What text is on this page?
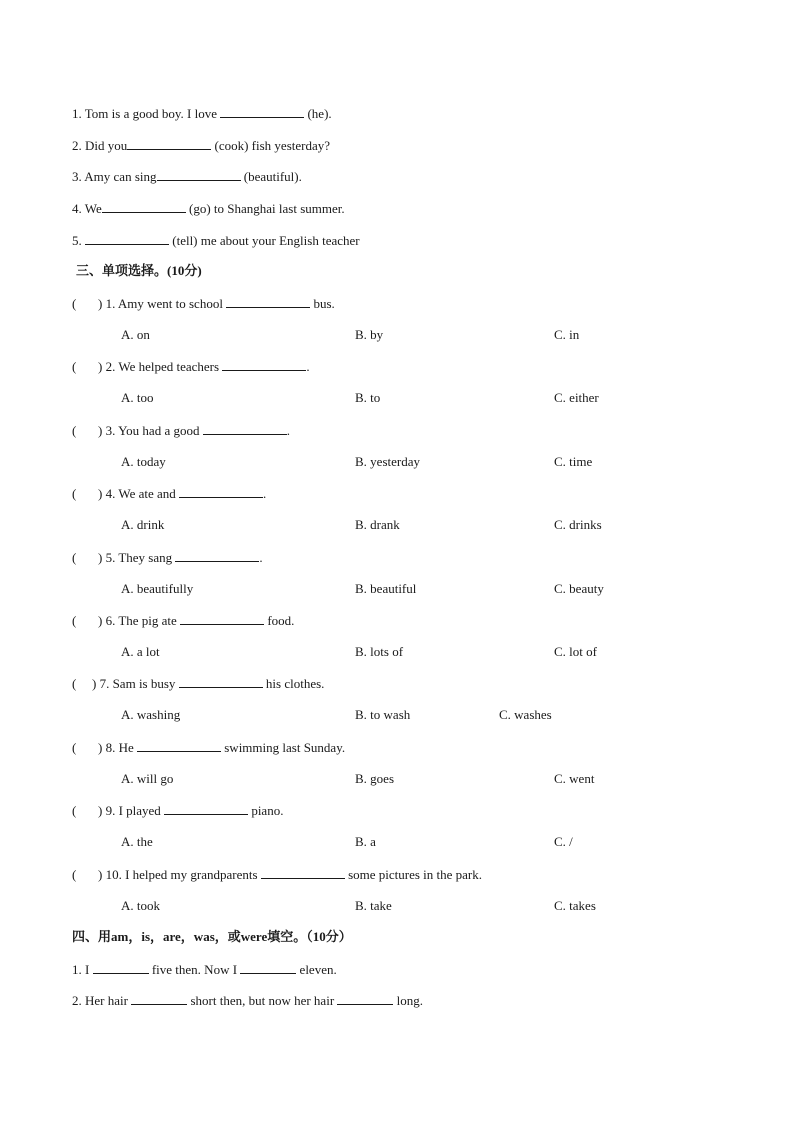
1. Tom is a good boy. I love	(he).
2. Did you	(cook) fish yesterday?
3. Amy can sing	(beautiful).
4. We	(go) to Shanghai last summer.
5.	(tell) me about your English teacher
三、单项选择。(10分)
( ) 1. Amy went to school	bus.
A. on	B. by	C. in
( ) 2. We helped teachers	.
A. too	B. to	C. either
( ) 3. You had a good	.
A. today	B. yesterday	C. time
( ) 4. We ate and	.
A. drink	B. drank	C. drinks
( ) 5. They sang	.
A. beautifully	B. beautiful	C. beauty
( ) 6. The pig ate	food.
A. a lot	B. lots of	C. lot of
( ) 7. Sam is busy	his clothes.
A. washing	B. to wash	C. washes
( ) 8. He	swimming last Sunday.
A. will go	B. goes	C. went
( ) 9. I played	piano.
A. the	B. a	C. /
( ) 10. I helped my grandparents	some pictures in the park.
A. took	B. take	C. takes
四、用am，is，are，was，或were填空。（10分）
1. I	five then. Now I	eleven.
2. Her hair	short then, but now her hair	long.
